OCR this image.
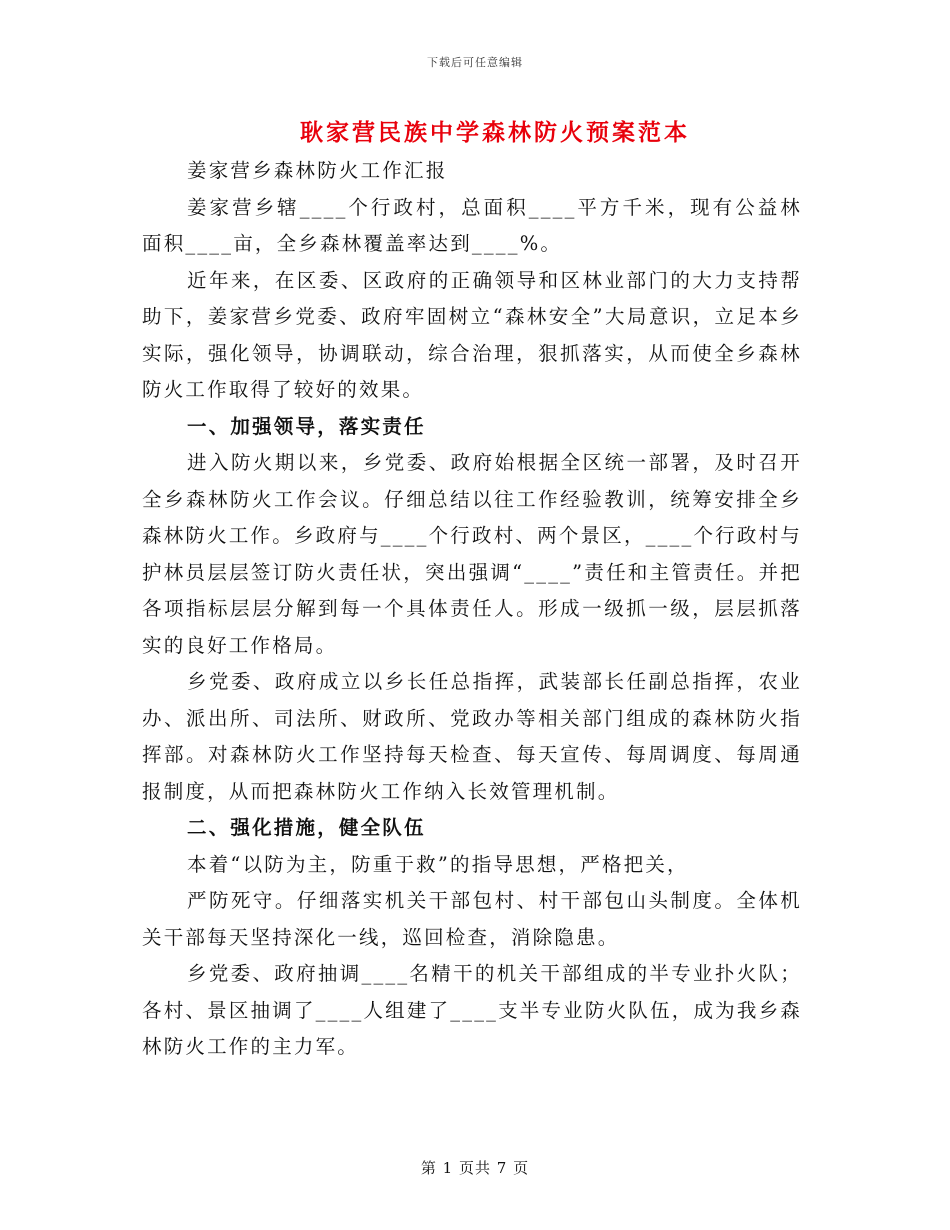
下载后可任意编辑
耿家营民族中学森林防火预案范本

姜家营乡森林防火工作汇报

姜家营乡辖____个行政村，总面积____平方千米，现有公益林面积____亩，全乡森林覆盖率达到____%。

近年来，在区委、区政府的正确领导和区林业部门的大力支持帮助下，姜家营乡党委、政府牢固树立“森林安全”大局意识，立足本乡实际，强化领导，协调联动，综合治理，狠抓落实，从而使全乡森林防火工作取得了较好的效果。

一、加强领导，落实责任

进入防火期以来，乡党委、政府始根据全区统一部署，及时召开全乡森林防火工作会议。仔细总结以往工作经验教训，统筹安排全乡森林防火工作。乡政府与____个行政村、两个景区，____个行政村与护林员层层签订防火责任状，突出强调“____”责任和主管责任。并把各项指标层层分解到每一个具体责任人。形成一级抓一级，层层抓落实的良好工作格局。

乡党委、政府成立以乡长任总指挥，武装部长任副总指挥，农业办、派出所、司法所、财政所、党政办等相关部门组成的森林防火指挥部。对森林防火工作坚持每天检查、每天宣传、每周调度、每周通报制度，从而把森林防火工作纳入长效管理机制。

二、强化措施，健全队伍

本着“以防为主，防重于救”的指导思想，严格把关，

严防死守。仔细落实机关干部包村、村干部包山头制度。全体机关干部每天坚持深化一线，巡回检查，消除隐患。

乡党委、政府抽调____名精干的机关干部组成的半专业扑火队；各村、景区抽调了____人组建了____支半专业防火队伍，成为我乡森林防火工作的主力军。

第 1 页共 7 页
